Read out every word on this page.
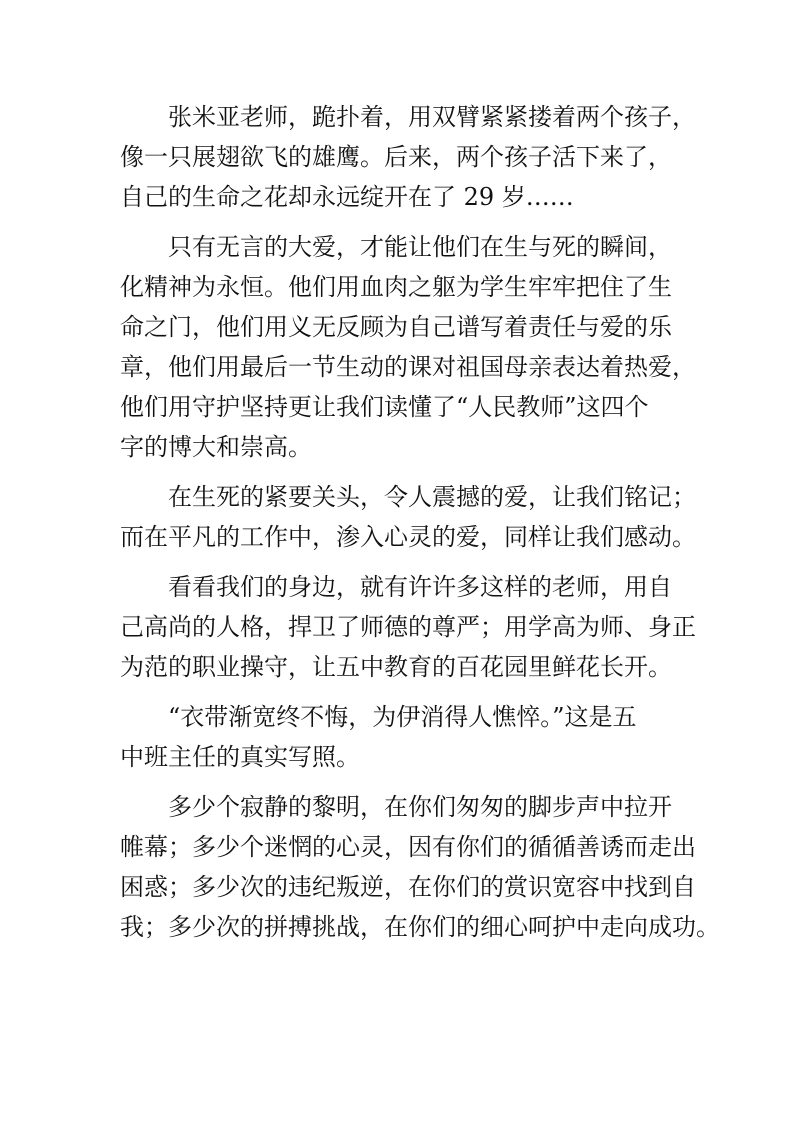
张米亚老师，跪扑着，用双臂紧紧搂着两个孩子，
像一只展翅欲飞的雄鹰。后来，两个孩子活下来了，
自己的生命之花却永远绽开在了 29 岁……
只有无言的大爱，才能让他们在生与死的瞬间，
化精神为永恒。他们用血肉之躯为学生牢牢把住了生
命之门，他们用义无反顾为自己谱写着责任与爱的乐
章，他们用最后一节生动的课对祖国母亲表达着热爱，
他们用守护坚持更让我们读懂了“人民教师”这四个
字的博大和崇高。
在生死的紧要关头，令人震撼的爱，让我们铭记；
而在平凡的工作中，渗入心灵的爱，同样让我们感动。
看看我们的身边，就有许许多这样的老师，用自
己高尚的人格，捍卫了师德的尊严；用学高为师、身正
为范的职业操守，让五中教育的百花园里鲜花长开。
“衣带渐宽终不悔，为伊消得人憔悴。”这是五
中班主任的真实写照。
多少个寂静的黎明，在你们匆匆的脚步声中拉开
帷幕；多少个迷惘的心灵，因有你们的循循善诱而走出
困惑；多少次的违纪叛逆，在你们的赏识宽容中找到自
我；多少次的拼搏挑战，在你们的细心呵护中走向成功。
